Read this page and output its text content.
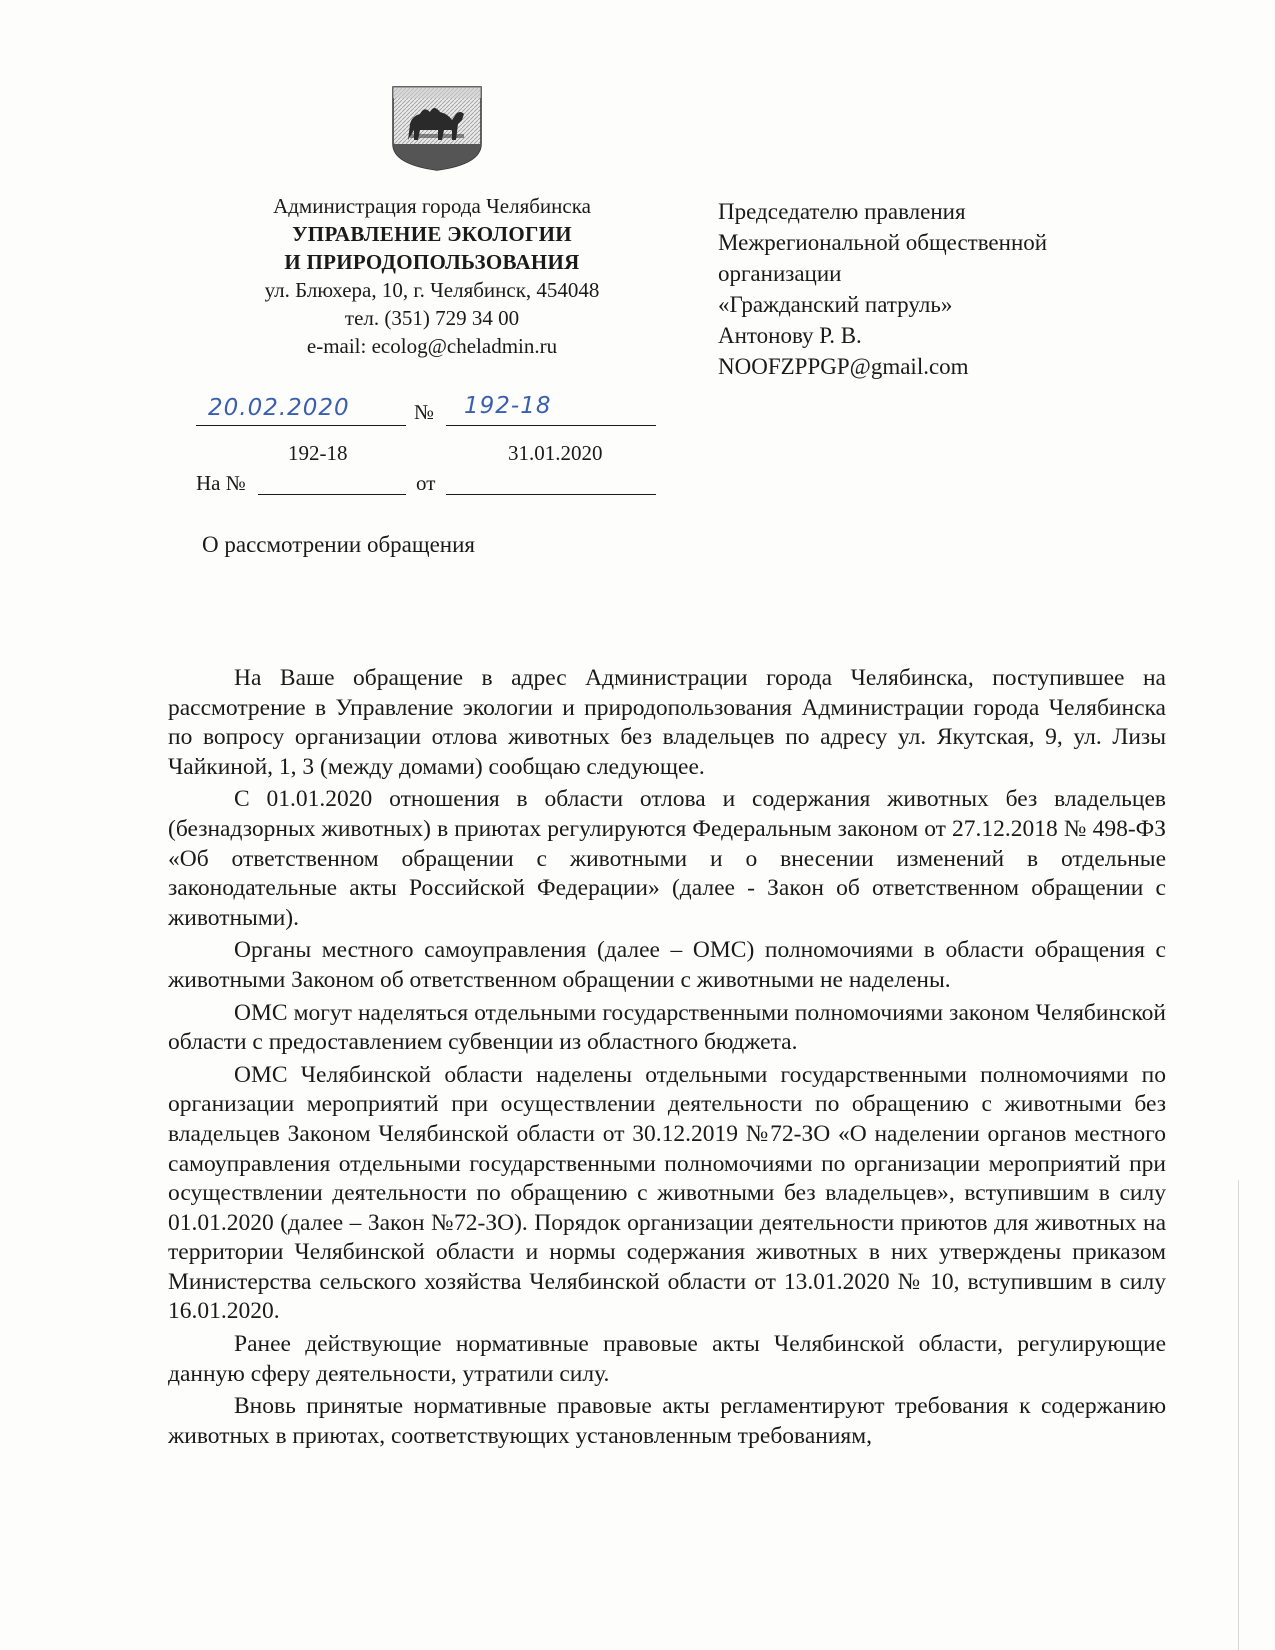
Администрация города Челябинска
УПРАВЛЕНИЕ ЭКОЛОГИИ
И ПРИРОДОПОЛЬЗОВАНИЯ
ул. Блюхера, 10, г. Челябинск, 454048
тел. (351) 729 34 00
e-mail: ecolog@cheladmin.ru
Председателю правления
Межрегиональной общественной
организации
«Гражданский патруль»
Антонову Р. В.
NOOFZPPGP@gmail.com
20.02.2020	№ 192-18
192-18	31.01.2020
На №	от
О рассмотрении обращения

На Ваше обращение в адрес Администрации города Челябинска, поступившее на рассмотрение в Управление экологии и природопользования Администрации города Челябинска по вопросу организации отлова животных без владельцев по адресу ул. Якутская, 9, ул. Лизы Чайкиной, 1, 3 (между домами) сообщаю следующее.

С 01.01.2020 отношения в области отлова и содержания животных без владельцев (безнадзорных животных) в приютах регулируются Федеральным законом от 27.12.2018 № 498-ФЗ «Об ответственном обращении с животными и о внесении изменений в отдельные законодательные акты Российской Федерации» (далее - Закон об ответственном обращении с животными).

Органы местного самоуправления (далее – ОМС) полномочиями в области обращения с животными Законом об ответственном обращении с животными не наделены.

ОМС могут наделяться отдельными государственными полномочиями законом Челябинской области с предоставлением субвенции из областного бюджета.

ОМС Челябинской области наделены отдельными государственными полномочиями по организации мероприятий при осуществлении деятельности по обращению с животными без владельцев Законом Челябинской области от 30.12.2019 №72-ЗО «О наделении органов местного самоуправления отдельными государственными полномочиями по организации мероприятий при осуществлении деятельности по обращению с животными без владельцев», вступившим в силу 01.01.2020 (далее – Закон №72-ЗО). Порядок организации деятельности приютов для животных на территории Челябинской области и нормы содержания животных в них утверждены приказом Министерства сельского хозяйства Челябинской области от 13.01.2020 № 10, вступившим в силу 16.01.2020.

Ранее действующие нормативные правовые акты Челябинской области, регулирующие данную сферу деятельности, утратили силу.

Вновь принятые нормативные правовые акты регламентируют требования к содержанию животных в приютах, соответствующих установленным требованиям,
